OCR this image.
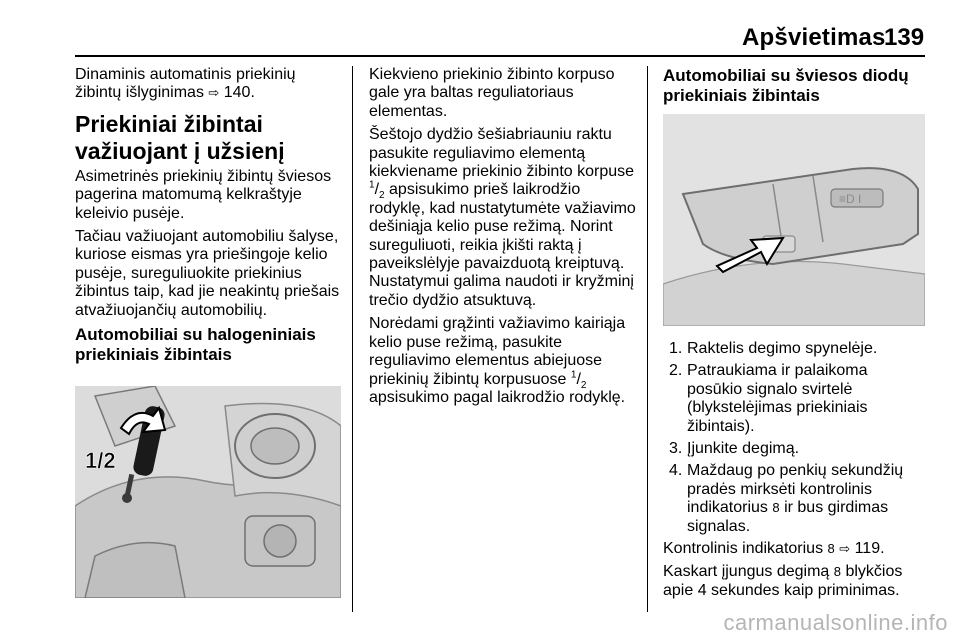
Apšvietimas
139

Dinaminis automatinis priekinių žibintų išlyginimas ⇨ 140.

Priekiniai žibintai važiuojant į užsienį

Asimetrinės priekinių žibintų šviesos pagerina matomumą kelkraštyje keleivio pusėje.

Tačiau važiuojant automobiliu šalyse, kuriose eismas yra priešingoje kelio pusėje, sureguliuokite priekinius žibintus taip, kad jie neakintų priešais atvažiuojančių automobilių.

Automobiliai su halogeniniais priekiniais žibintais
1/2

Kiekvieno priekinio žibinto korpuso gale yra baltas reguliatoriaus elementas.

Šeštojo dydžio šešiabriauniu raktu pasukite reguliavimo elementą kiekviename priekinio žibinto korpuse $^1/_2$ apsisukimo prieš laikrodžio rodyklę, kad nustatytumėte važiavimo dešiniąja kelio puse režimą. Norint sureguliuoti, reikia įkišti raktą į paveikslėlyje pavaizduotą kreiptuvą. Nustatymui galima naudoti ir kryžminį trečio dydžio atsuktuvą.

Norėdami grąžinti važiavimo kairiąja kelio puse režimą, pasukite reguliavimo elementus abiejuose priekinių žibintų korpusuose $^1/_2$ apsisukimo pagal laikrodžio rodyklę.

Automobiliai su šviesos diodų priekiniais žibintais
≡D I
1. Raktelis degimo spynelėje.
2. Patraukiama ir palaikoma posūkio signalo svirtelė (blykstelėjimas priekiniais žibintais).
3. Įjunkite degimą.
4. Maždaug po penkių sekundžių pradės mirksėti kontrolinis indikatorius 8 ir bus girdimas signalas.

Kontrolinis indikatorius 8 ⇨ 119.

Kaskart įjungus degimą 8 blykčios apie 4 sekundes kaip priminimas.

carmanualsonline.info
